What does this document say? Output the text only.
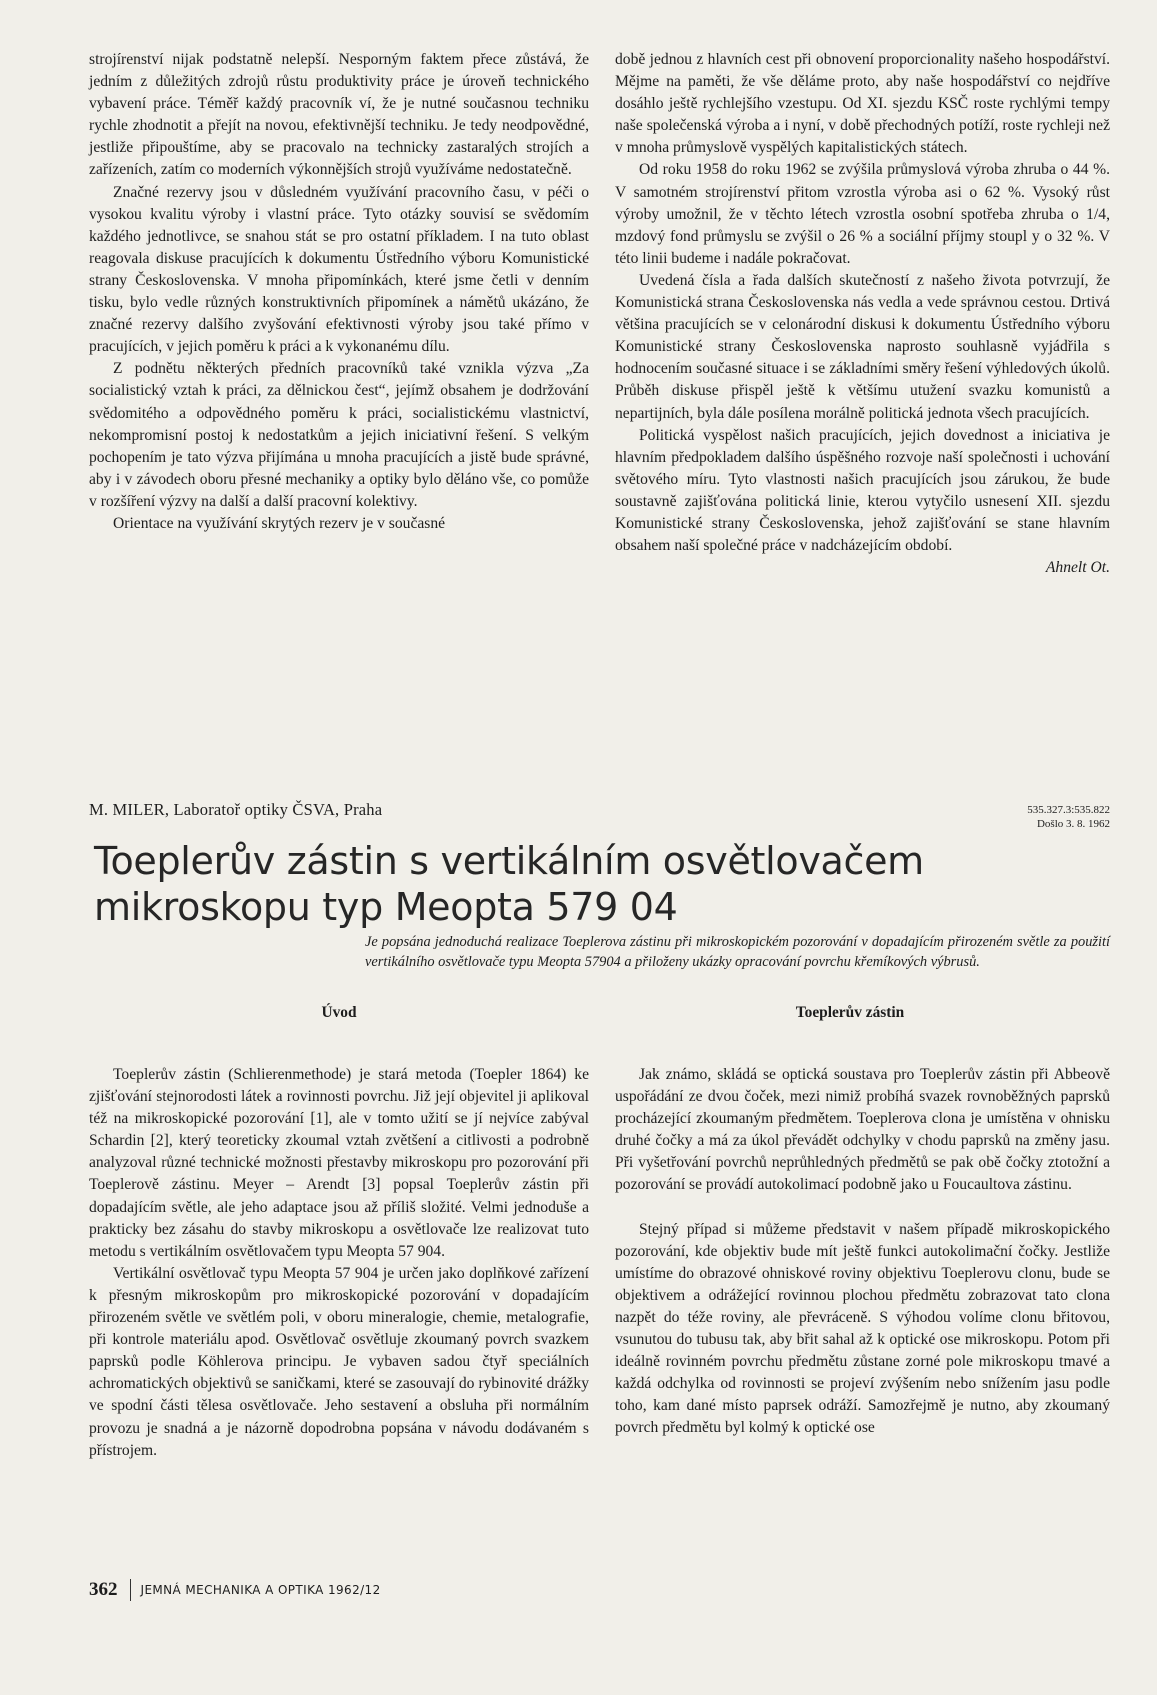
strojírenství nijak podstatně nelepší. Nesporným faktem přece zůstává, že jedním z důležitých zdrojů růstu produktivity práce je úroveň technického vybavení práce. Téměř každý pracovník ví, že je nutné současnou techniku rychle zhodnotit a přejít na novou, efektivnější techniku. Je tedy neodpovědné, jestliže připouštíme, aby se pracovalo na technicky zastaralých strojích a zařízeních, zatím co moderních výkonnějších strojů využíváme nedostatečně.

Značné rezervy jsou v důsledném využívání pracovního času, v péči o vysokou kvalitu výroby i vlastní práce. Tyto otázky souvisí se svědomím každého jednotlivce, se snahou stát se pro ostatní příkladem. I na tuto oblast reagovala diskuse pracujících k dokumentu Ústředního výboru Komunistické strany Československa. V mnoha připomínkách, které jsme četli v denním tisku, bylo vedle různých konstruktivních připomínek a námětů ukázáno, že značné rezervy dalšího zvyšování efektivnosti výroby jsou také přímo v pracujících, v jejich poměru k práci a k vykonanému dílu.

Z podnětu některých předních pracovníků také vznikla výzva „Za socialistický vztah k práci, za dělnickou čest“, jejímž obsahem je dodržování svědomitého a odpovědného poměru k práci, socialistickému vlastnictví, nekompromisní postoj k nedostatkům a jejich iniciativní řešení. S velkým pochopením je tato výzva přijímána u mnoha pracujících a jistě bude správné, aby i v závodech oboru přesné mechaniky a optiky bylo děláno vše, co pomůže v rozšíření výzvy na další a další pracovní kolektivy.

Orientace na využívání skrytých rezerv je v současné

době jednou z hlavních cest při obnovení proporcionality našeho hospodářství. Mějme na paměti, že vše děláme proto, aby naše hospodářství co nejdříve dosáhlo ještě rychlejšího vzestupu. Od XI. sjezdu KSČ roste rychlými tempy naše společenská výroba a i nyní, v době přechodných potíží, roste rychleji než v mnoha průmyslově vyspělých kapitalistických státech.

Od roku 1958 do roku 1962 se zvýšila průmyslová výroba zhruba o 44 %. V samotném strojírenství přitom vzrostla výroba asi o 62 %. Vysoký růst výroby umožnil, že v těchto létech vzrostla osobní spotřeba zhruba o 1/4, mzdový fond průmyslu se zvýšil o 26 % a sociální příjmy stoupl y o 32 %. V této linii budeme i nadále pokračovat.

Uvedená čísla a řada dalších skutečností z našeho života potvrzují, že Komunistická strana Československa nás vedla a vede správnou cestou. Drtivá většina pracujících se v celonárodní diskusi k dokumentu Ústředního výboru Komunistické strany Československa naprosto souhlasně vyjádřila s hodnocením současné situace i se základními směry řešení výhledových úkolů. Průběh diskuse přispěl ještě k většímu utužení svazku komunistů a nepartijních, byla dále posílena morálně politická jednota všech pracujících.

Politická vyspělost našich pracujících, jejich dovednost a iniciativa je hlavním předpokladem dalšího úspěšného rozvoje naší společnosti i uchování světového míru. Tyto vlastnosti našich pracujících jsou zárukou, že bude soustavně zajišťována politická linie, kterou vytyčilo usnesení XII. sjezdu Komunistické strany Československa, jehož zajišťování se stane hlavním obsahem naší společné práce v nadcházejícím období.

Ahnelt Ot.

M. MILER, Laboratoř optiky ČSVA, Praha	535.327.3:535.822
Došlo 3. 8. 1962
Toeplerův zástin s vertikálním osvětlovačem mikroskopu typ Meopta 579 04

Je popsána jednoduchá realizace Toeplerova zástinu při mikroskopickém pozorování v dopadajícím přirozeném světle za použití vertikálního osvětlovače typu Meopta 57904 a přiloženy ukázky opracování povrchu křemíkových výbrusů.

Úvod	Toeplerův zástin

Toeplerův zástin (Schlierenmethode) je stará metoda (Toepler 1864) ke zjišťování stejnorodosti látek a rovinnosti povrchu. Již její objevitel ji aplikoval též na mikroskopické pozorování [1], ale v tomto užití se jí nejvíce zabýval Schardin [2], který teoreticky zkoumal vztah zvětšení a citlivosti a podrobně analyzoval různé technické možnosti přestavby mikroskopu pro pozorování při Toeplerově zástinu. Meyer – Arendt [3] popsal Toeplerův zástin při dopadajícím světle, ale jeho adaptace jsou až příliš složité. Velmi jednoduše a prakticky bez zásahu do stavby mikroskopu a osvětlovače lze realizovat tuto metodu s vertikálním osvětlovačem typu Meopta 57 904.

Vertikální osvětlovač typu Meopta 57 904 je určen jako doplňkové zařízení k přesným mikroskopům pro mikroskopické pozorování v dopadajícím přirozeném světle ve světlém poli, v oboru mineralogie, chemie, metalografie, při kontrole materiálu apod. Osvětlovač osvětluje zkoumaný povrch svazkem paprsků podle Köhlerova principu. Je vybaven sadou čtyř speciálních achromatických objektivů se saničkami, které se zasouvají do rybinovité drážky ve spodní části tělesa osvětlovače. Jeho sestavení a obsluha při normálním provozu je snadná a je názorně dopodrobna popsána v návodu dodávaném s přístrojem.

Jak známo, skládá se optická soustava pro Toeplerův zástin při Abbeově uspořádání ze dvou čoček, mezi nimiž probíhá svazek rovnoběžných paprsků procházející zkoumaným předmětem. Toeplerova clona je umístěna v ohnisku druhé čočky a má za úkol převádět odchylky v chodu paprsků na změny jasu. Při vyšetřování povrchů neprůhledných předmětů se pak obě čočky ztotožní a pozorování se provádí autokolimací podobně jako u Foucaultova zástinu.

Stejný případ si můžeme představit v našem případě mikroskopického pozorování, kde objektiv bude mít ještě funkci autokolimační čočky. Jestliže umístíme do obrazové ohniskové roviny objektivu Toeplerovu clonu, bude se objektivem a odrážející rovinnou plochou předmětu zobrazovat tato clona nazpět do téže roviny, ale převráceně. S výhodou volíme clonu břitovou, vsunutou do tubusu tak, aby břit sahal až k optické ose mikroskopu. Potom při ideálně rovinném povrchu předmětu zůstane zorné pole mikroskopu tmavé a každá odchylka od rovinnosti se projeví zvýšením nebo snížením jasu podle toho, kam dané místo paprsek odráží. Samozřejmě je nutno, aby zkoumaný povrch předmětu byl kolmý k optické ose

362 JEMNÁ MECHANIKA A OPTIKA 1962/12
